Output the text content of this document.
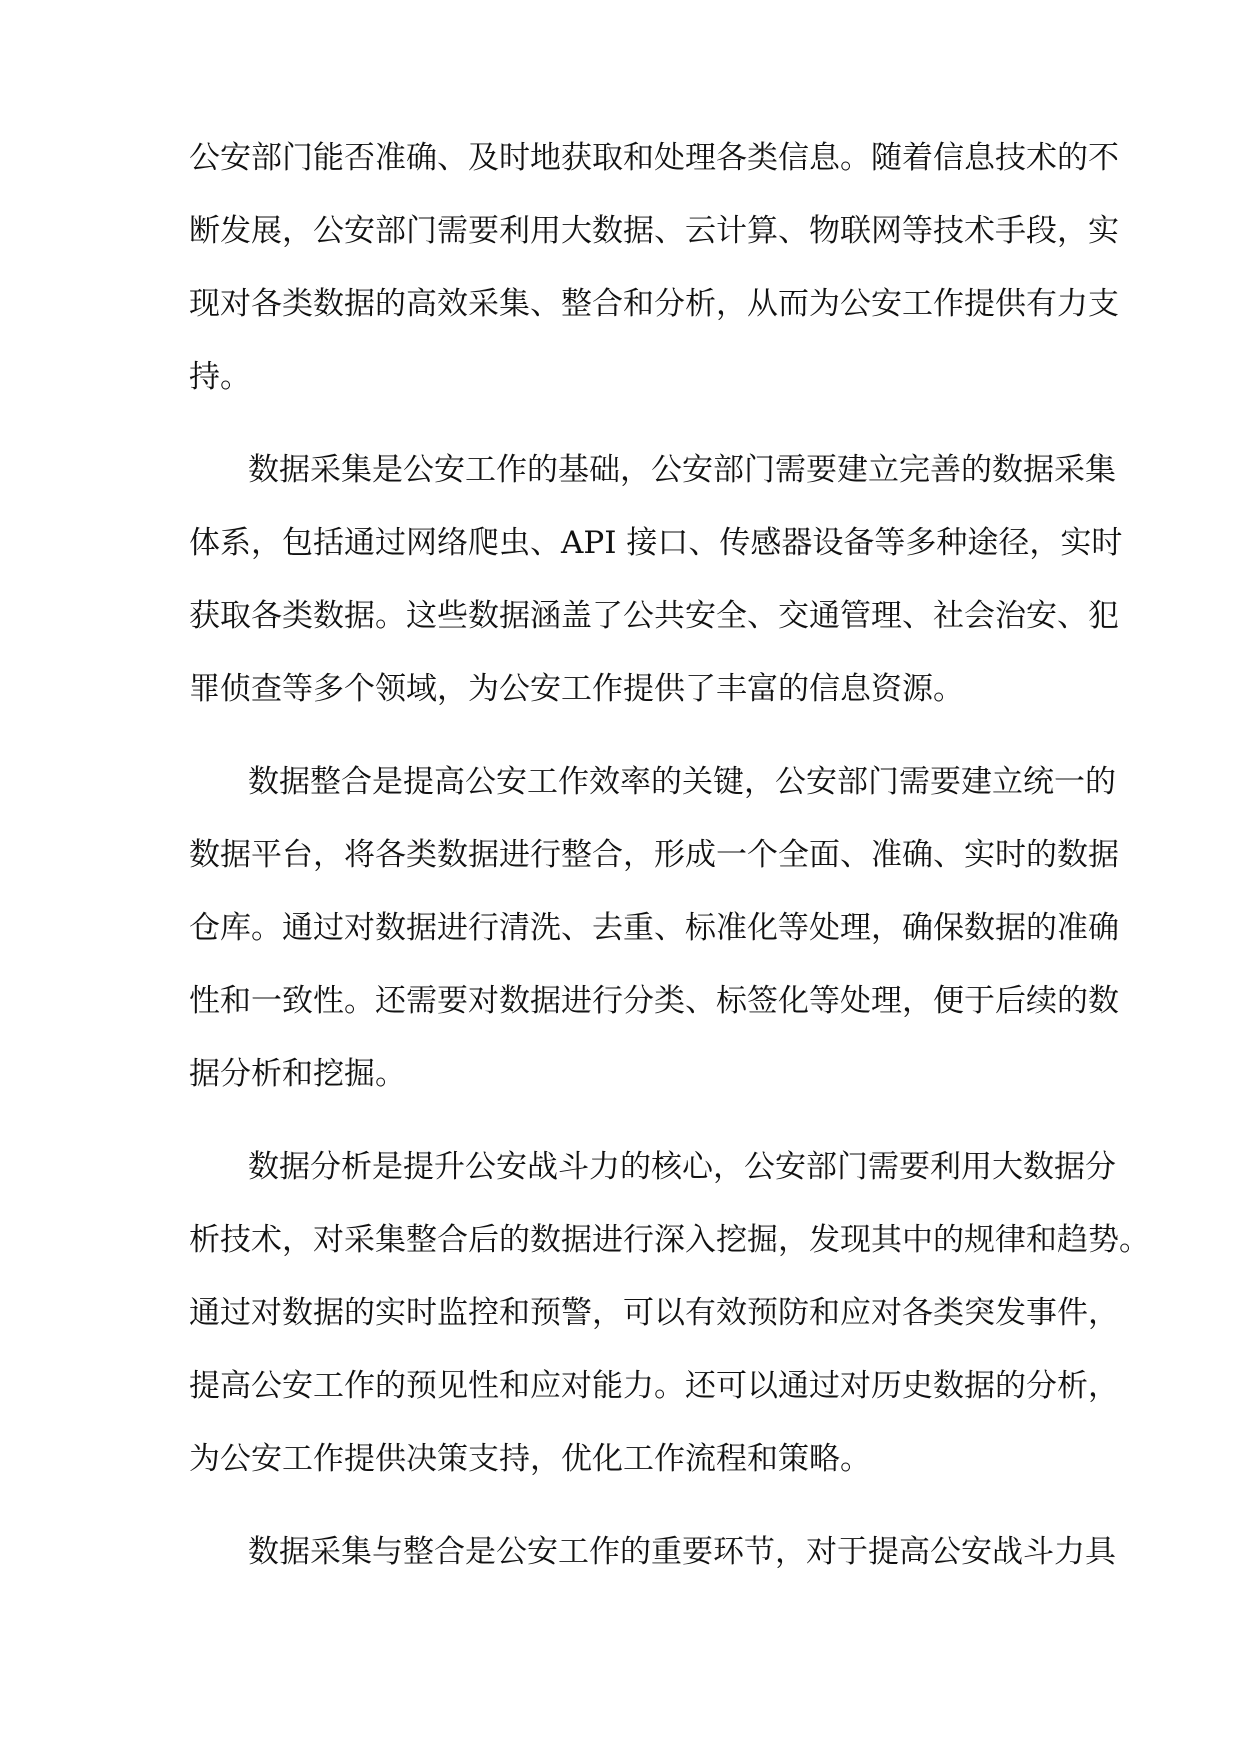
公安部门能否准确、及时地获取和处理各类信息。随着信息技术的不
断发展，公安部门需要利用大数据、云计算、物联网等技术手段，实
现对各类数据的高效采集、整合和分析，从而为公安工作提供有力支
持。
数据采集是公安工作的基础，公安部门需要建立完善的数据采集
体系，包括通过网络爬虫、API 接口、传感器设备等多种途径，实时
获取各类数据。这些数据涵盖了公共安全、交通管理、社会治安、犯
罪侦查等多个领域，为公安工作提供了丰富的信息资源。
数据整合是提高公安工作效率的关键，公安部门需要建立统一的
数据平台，将各类数据进行整合，形成一个全面、准确、实时的数据
仓库。通过对数据进行清洗、去重、标准化等处理，确保数据的准确
性和一致性。还需要对数据进行分类、标签化等处理，便于后续的数
据分析和挖掘。
数据分析是提升公安战斗力的核心，公安部门需要利用大数据分
析技术，对采集整合后的数据进行深入挖掘，发现其中的规律和趋势。
通过对数据的实时监控和预警，可以有效预防和应对各类突发事件，
提高公安工作的预见性和应对能力。还可以通过对历史数据的分析，
为公安工作提供决策支持，优化工作流程和策略。
数据采集与整合是公安工作的重要环节，对于提高公安战斗力具
